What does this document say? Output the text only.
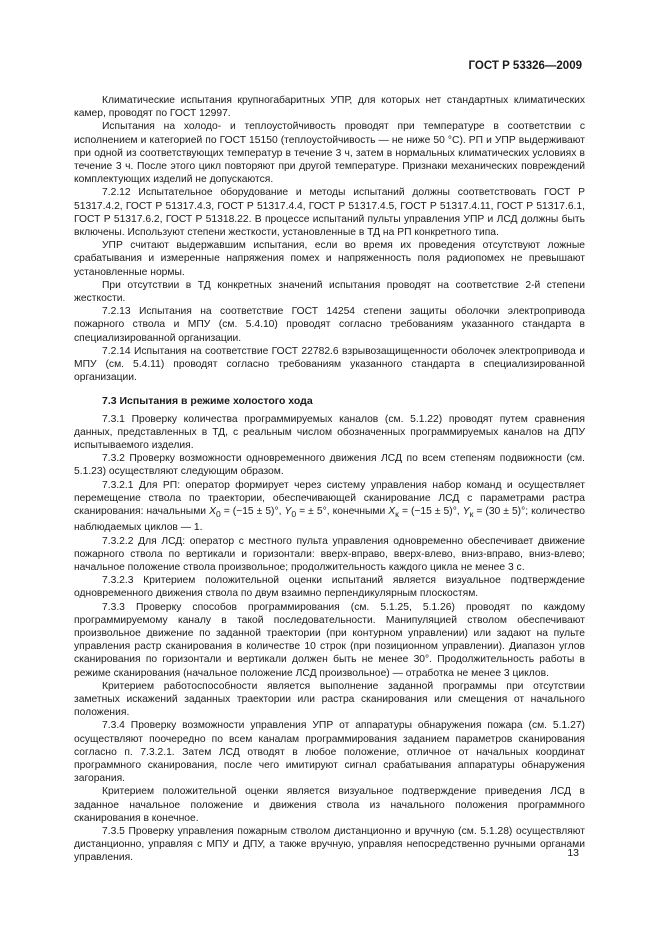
ГОСТ Р 53326—2009

Климатические испытания крупногабаритных УПР, для которых нет стандартных климатических камер, проводят по ГОСТ 12997.

Испытания на холодо- и теплоустойчивость проводят при температуре в соответствии с исполнением и категорией по ГОСТ 15150 (теплоустойчивость — не ниже 50 °С). РП и УПР выдерживают при одной из соответствующих температур в течение 3 ч, затем в нормальных климатических условиях в течение 3 ч. После этого цикл повторяют при другой температуре. Признаки механических повреждений комплектующих изделий не допускаются.

7.2.12 Испытательное оборудование и методы испытаний должны соответствовать ГОСТ Р 51317.4.2, ГОСТ Р 51317.4.3, ГОСТ Р 51317.4.4, ГОСТ Р 51317.4.5, ГОСТ Р 51317.4.11, ГОСТ Р 51317.6.1, ГОСТ Р 51317.6.2, ГОСТ Р 51318.22. В процессе испытаний пульты управления УПР и ЛСД должны быть включены. Используют степени жесткости, установленные в ТД на РП конкретного типа.

УПР считают выдержавшим испытания, если во время их проведения отсутствуют ложные срабатывания и измеренные напряжения помех и напряженность поля радиопомех не превышают установленные нормы.

При отсутствии в ТД конкретных значений испытания проводят на соответствие 2-й степени жесткости.

7.2.13 Испытания на соответствие ГОСТ 14254 степени защиты оболочки электропривода пожарного ствола и МПУ (см. 5.4.10) проводят согласно требованиям указанного стандарта в специализированной организации.

7.2.14 Испытания на соответствие ГОСТ 22782.6 взрывозащищенности оболочек электропривода и МПУ (см. 5.4.11) проводят согласно требованиям указанного стандарта в специализированной организации.

7.3 Испытания в режиме холостого хода

7.3.1 Проверку количества программируемых каналов (см. 5.1.22) проводят путем сравнения данных, представленных в ТД, с реальным числом обозначенных программируемых каналов на ДПУ испытываемого изделия.

7.3.2 Проверку возможности одновременного движения ЛСД по всем степеням подвижности (см. 5.1.23) осуществляют следующим образом.

7.3.2.1 Для РП: оператор формирует через систему управления набор команд и осуществляет перемещение ствола по траектории, обеспечивающей сканирование ЛСД с параметрами растра сканирования: начальными $X_0 = (-15 \pm 5)^\circ$, $Y_0$ = ± 5°, конечными $X_к = (-15 \pm 5)^\circ$, $Y_к = (30 \pm 5)^\circ$; количество наблюдаемых циклов — 1.

7.3.2.2 Для ЛСД: оператор с местного пульта управления одновременно обеспечивает движение пожарного ствола по вертикали и горизонтали: вверх-вправо, вверх-влево, вниз-вправо, вниз-влево; начальное положение ствола произвольное; продолжительность каждого цикла не менее 3 с.

7.3.2.3 Критерием положительной оценки испытаний является визуальное подтверждение одновременного движения ствола по двум взаимно перпендикулярным плоскостям.

7.3.3 Проверку способов программирования (см. 5.1.25, 5.1.26) проводят по каждому программируемому каналу в такой последовательности. Манипуляцией стволом обеспечивают произвольное движение по заданной траектории (при контурном управлении) или задают на пульте управления растр сканирования в количестве 10 строк (при позиционном управлении). Диапазон углов сканирования по горизонтали и вертикали должен быть не менее 30°. Продолжительность работы в режиме сканирования (начальное положение ЛСД произвольное) — отработка не менее 3 циклов.

Критерием работоспособности является выполнение заданной программы при отсутствии заметных искажений заданных траектории или растра сканирования или смещения от начального положения.

7.3.4 Проверку возможности управления УПР от аппаратуры обнаружения пожара (см. 5.1.27) осуществляют поочередно по всем каналам программирования заданием параметров сканирования согласно п. 7.3.2.1. Затем ЛСД отводят в любое положение, отличное от начальных координат программного сканирования, после чего имитируют сигнал срабатывания аппаратуры обнаружения загорания.

Критерием положительной оценки является визуальное подтверждение приведения ЛСД в заданное начальное положение и движения ствола из начального положения программного сканирования в конечное.

7.3.5 Проверку управления пожарным стволом дистанционно и вручную (см. 5.1.28) осуществляют дистанционно, управляя с МПУ и ДПУ, а также вручную, управляя непосредственно ручными органами управления.	13
